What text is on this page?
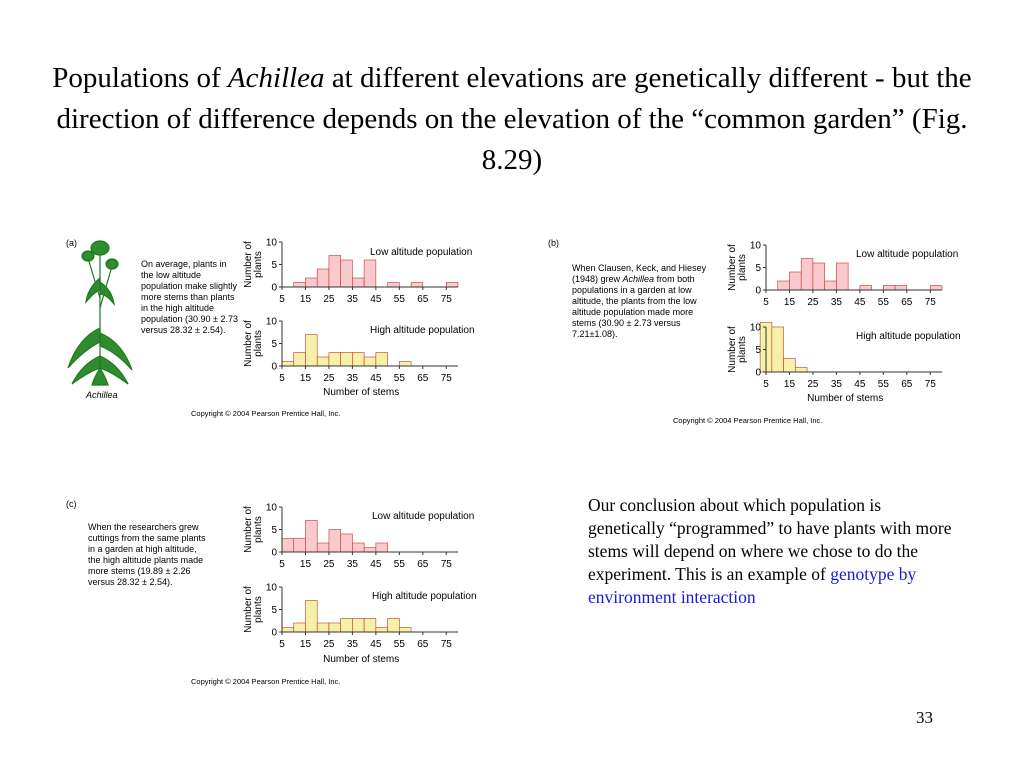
Populations of Achillea at different elevations are genetically different - but the direction of difference depends on the elevation of the “common garden” (Fig. 8.29)
(a)
Achillea
On average, plants in the low altitude population make slightly more stems than plants in the high altitude population (30.90 ± 2.73 versus 28.32 ± 2.54).
Copyright © 2004 Pearson Prentice Hall, Inc.
(b)
When Clausen, Keck, and Hiesey (1948) grew Achillea from both populations in a garden at low altitude, the plants from the low altitude population made more stems (30.90 ± 2.73 versus 7.21±1.08).
Copyright © 2004 Pearson Prentice Hall, Inc.
(c)
When the researchers grew cuttings from the same plants in a garden at high altitude, the high altitude plants made more stems (19.89 ± 2.26 versus 28.32 ± 2.54).
Copyright © 2004 Pearson Prentice Hall, Inc.
Our conclusion about which population is genetically “programmed” to have plants with more stems will depend on where we chose to do the experiment. This is an example of genotype by environment interaction
33
0
5
10
5 15 25 35 45 55 65 75
Low altitude population
Number ofplants
0
5
10
5 15 25 35 45 55 65 75
High altitude population
Number ofplants
Number of stems
0
5
10
5 15 25 35 45 55 65 75
Low altitude population
Number ofplants
0
5
10
5 15 25 35 45 55 65 75
High altitude population
Number ofplants
Number of stems
0
5
10
5 15 25 35 45 55 65 75
Low altitude population
Number ofplants
0
5
10
5 15 25 35 45 55 65 75
High altitude population
Number ofplants
Number of stems
